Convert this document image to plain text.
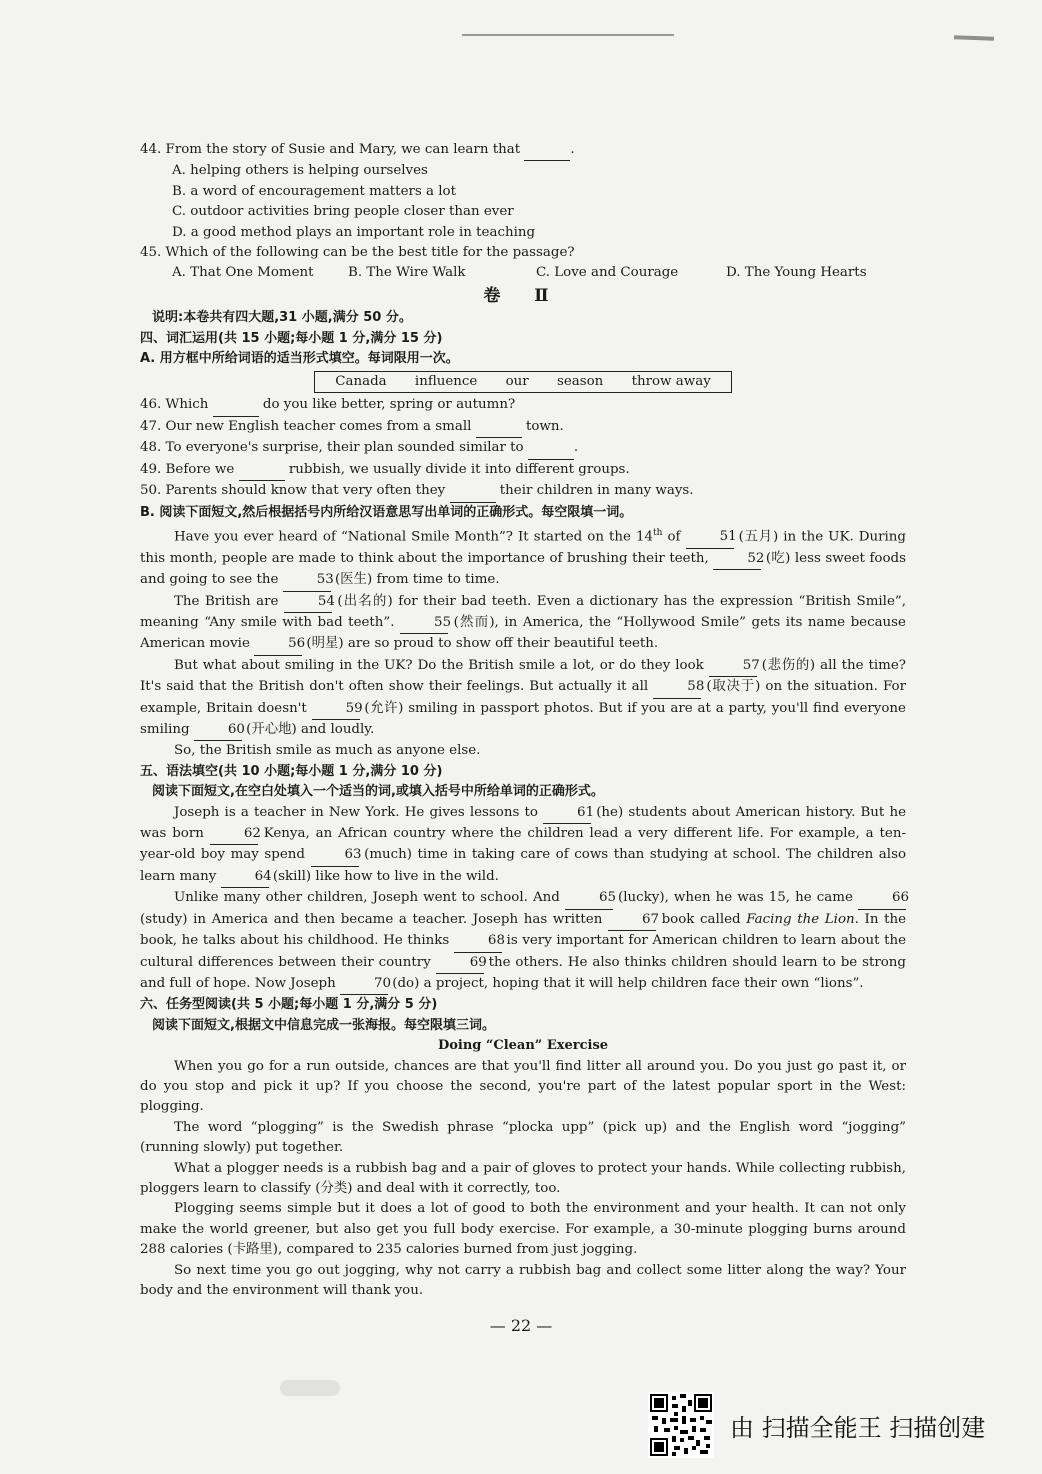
44. From the story of Susie and Mary, we can learn that	.
A. helping others is helping ourselves
B. a word of encouragement matters a lot
C. outdoor activities bring people closer than ever
D. a good method plays an important role in teaching
45. Which of the following can be the best title for the passage?
A. That One Moment	B. The Wire Walk	C. Love and Courage	D. The Young Hearts
卷 Ⅱ
说明:本卷共有四大题,31 小题,满分 50 分。
四、词汇运用(共 15 小题;每小题 1 分,满分 15 分)
A. 用方框中所给词语的适当形式填空。每词限用一次。
Canada influence our season throw away
46. Which	do you like better, spring or autumn?
47. Our new English teacher comes from a small	town.
48. To everyone's surprise, their plan sounded similar to	.
49. Before we	rubbish, we usually divide it into different groups.
50. Parents should know that very often they	their children in many ways.
B. 阅读下面短文,然后根据括号内所给汉语意思写出单词的正确形式。每空限填一词。
Have you ever heard of “National Smile Month”? It started on the 14th of	51 (五月) in the UK. During this month, people are made to think about the importance of brushing their teeth,	52 (吃) less sweet foods and going to see the	53 (医生) from time to time.
The British are	54 (出名的) for their bad teeth. Even a dictionary has the expression “British Smile”, meaning “Any smile with bad teeth”.	55 (然而), in America, the “Hollywood Smile” gets its name because American movie	56 (明星) are so proud to show off their beautiful teeth.
But what about smiling in the UK? Do the British smile a lot, or do they look	57 (悲伤的) all the time? It's said that the British don't often show their feelings. But actually it all	58 (取决于) on the situation. For example, Britain doesn't	59 (允许) smiling in passport photos. But if you are at a party, you'll find everyone smiling	60 (开心地) and loudly.
So, the British smile as much as anyone else.
五、语法填空(共 10 小题;每小题 1 分,满分 10 分)
阅读下面短文,在空白处填入一个适当的词,或填入括号中所给单词的正确形式。
Joseph is a teacher in New York. He gives lessons to	61 (he) students about American history. But he was born	62 Kenya, an African country where the children lead a very different life. For example, a ten-year-old boy may spend	63 (much) time in taking care of cows than studying at school. The children also learn many	64 (skill) like how to live in the wild.
Unlike many other children, Joseph went to school. And	65 (lucky), when he was 15, he came	66 (study) in America and then became a teacher. Joseph has written	67 book called Facing the Lion. In the book, he talks about his childhood. He thinks	68 is very important for American children to learn about the cultural differences between their country	69 the others. He also thinks children should learn to be strong and full of hope. Now Joseph	70 (do) a project, hoping that it will help children face their own “lions”.
六、任务型阅读(共 5 小题;每小题 1 分,满分 5 分)
阅读下面短文,根据文中信息完成一张海报。每空限填三词。
Doing “Clean” Exercise
When you go for a run outside, chances are that you'll find litter all around you. Do you just go past it, or do you stop and pick it up? If you choose the second, you're part of the latest popular sport in the West: plogging.
The word “plogging” is the Swedish phrase “plocka upp” (pick up) and the English word “jogging” (running slowly) put together.
What a plogger needs is a rubbish bag and a pair of gloves to protect your hands. While collecting rubbish, ploggers learn to classify (分类) and deal with it correctly, too.
Plogging seems simple but it does a lot of good to both the environment and your health. It can not only make the world greener, but also get you full body exercise. For example, a 30-minute plogging burns around 288 calories (卡路里), compared to 235 calories burned from just jogging.
So next time you go out jogging, why not carry a rubbish bag and collect some litter along the way? Your body and the environment will thank you.
— 22 —
由 扫描全能王 扫描创建
